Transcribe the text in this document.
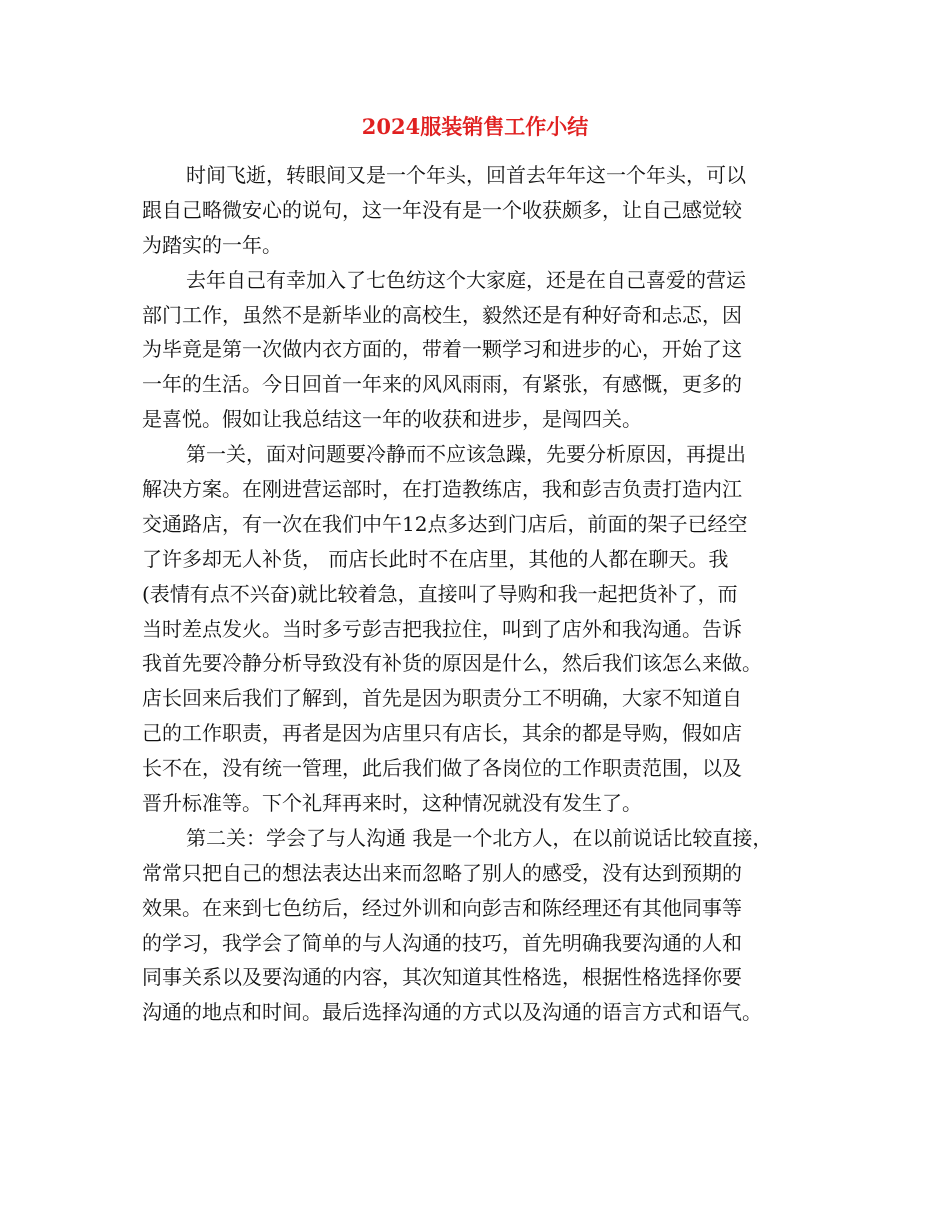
2024服装销售工作小结
时间飞逝，转眼间又是一个年头，回首去年年这一个年头，可以
跟自己略微安心的说句，这一年没有是一个收获颇多，让自己感觉较
为踏实的一年。
去年自己有幸加入了七色纺这个大家庭，还是在自己喜爱的营运
部门工作，虽然不是新毕业的高校生，毅然还是有种好奇和忐忑，因
为毕竟是第一次做内衣方面的，带着一颗学习和进步的心，开始了这
一年的生活。今日回首一年来的风风雨雨，有紧张，有感慨，更多的
是喜悦。假如让我总结这一年的收获和进步，是闯四关。
第一关，面对问题要冷静而不应该急躁，先要分析原因，再提出
解决方案。在刚进营运部时，在打造教练店，我和彭吉负责打造内江
交通路店，有一次在我们中午12点多达到门店后，前面的架子已经空
了许多却无人补货， 而店长此时不在店里，其他的人都在聊天。我
(表情有点不兴奋)就比较着急，直接叫了导购和我一起把货补了，而
当时差点发火。当时多亏彭吉把我拉住，叫到了店外和我沟通。告诉
我首先要冷静分析导致没有补货的原因是什么，然后我们该怎么来做。
店长回来后我们了解到，首先是因为职责分工不明确，大家不知道自
己的工作职责，再者是因为店里只有店长，其余的都是导购，假如店
长不在，没有统一管理，此后我们做了各岗位的工作职责范围，以及
晋升标准等。下个礼拜再来时，这种情况就没有发生了。
第二关：学会了与人沟通 我是一个北方人，在以前说话比较直接，
常常只把自己的想法表达出来而忽略了别人的感受，没有达到预期的
效果。在来到七色纺后，经过外训和向彭吉和陈经理还有其他同事等
的学习，我学会了简单的与人沟通的技巧，首先明确我要沟通的人和
同事关系以及要沟通的内容，其次知道其性格选，根据性格选择你要
沟通的地点和时间。最后选择沟通的方式以及沟通的语言方式和语气。
